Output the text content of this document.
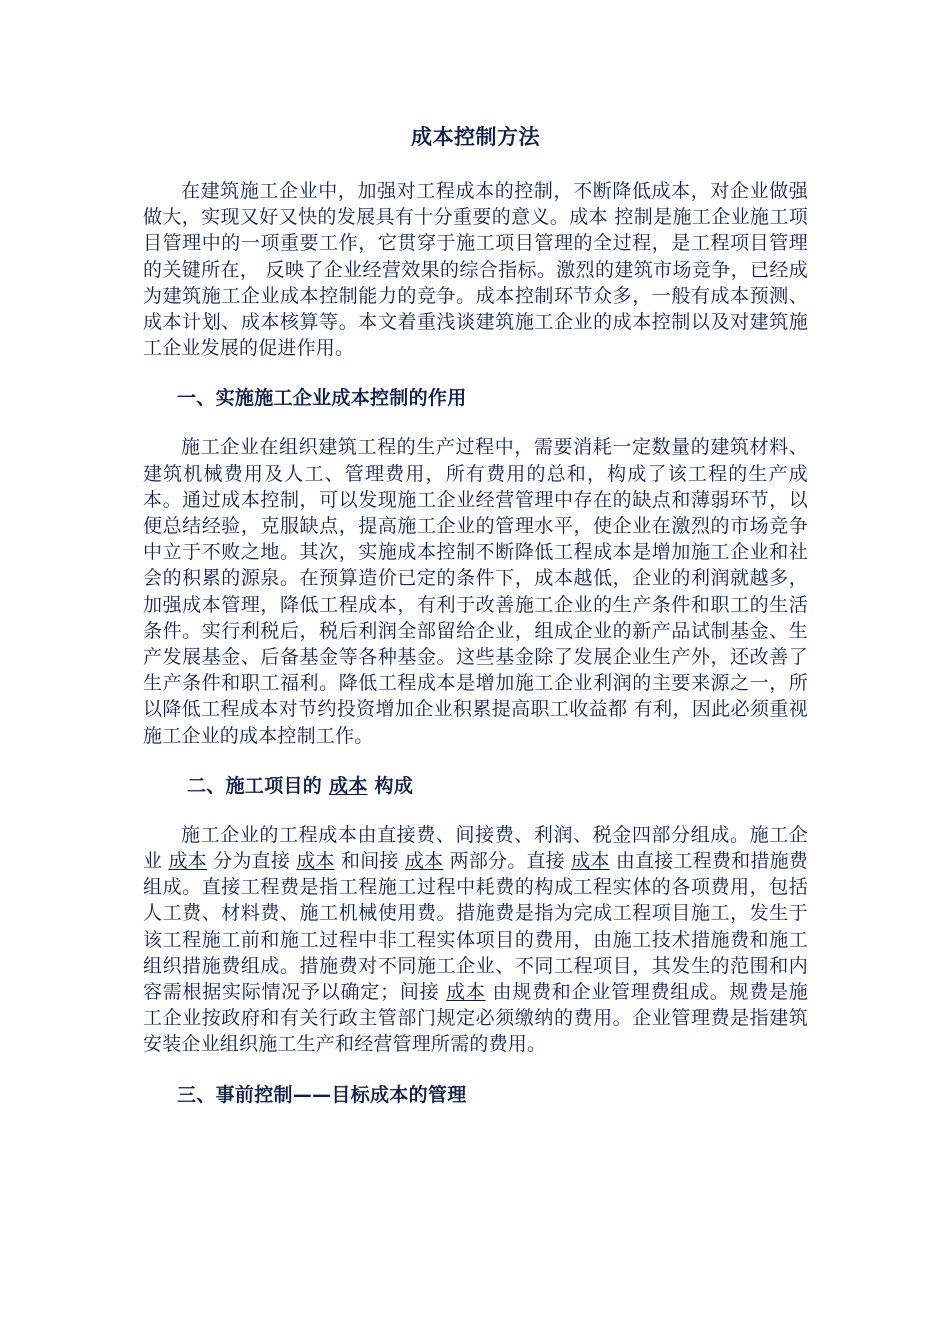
成本控制方法

在建筑施工企业中，加强对工程成本的控制，不断降低成本，对企业做强做大，实现又好又快的发展具有十分重要的意义。成本 控制是施工企业施工项目管理中的一项重要工作，它贯穿于施工项目管理的全过程，是工程项目管理的关键所在， 反映了企业经营效果的综合指标。激烈的建筑市场竞争，已经成为建筑施工企业成本控制能力的竞争。成本控制环节众多，一般有成本预测、成本计划、成本核算等。本文着重浅谈建筑施工企业的成本控制以及对建筑施工企业发展的促进作用。

一、实施施工企业成本控制的作用

施工企业在组织建筑工程的生产过程中，需要消耗一定数量的建筑材料、建筑机械费用及人工、管理费用，所有费用的总和，构成了该工程的生产成本。通过成本控制，可以发现施工企业经营管理中存在的缺点和薄弱环节，以便总结经验，克服缺点，提高施工企业的管理水平，使企业在激烈的市场竞争中立于不败之地。其次，实施成本控制不断降低工程成本是增加施工企业和社会的积累的源泉。在预算造价已定的条件下，成本越低，企业的利润就越多，加强成本管理，降低工程成本，有利于改善施工企业的生产条件和职工的生活条件。实行利税后，税后利润全部留给企业，组成企业的新产品试制基金、生产发展基金、后备基金等各种基金。这些基金除了发展企业生产外，还改善了生产条件和职工福利。降低工程成本是增加施工企业利润的主要来源之一，所以降低工程成本对节约投资增加企业积累提高职工收益都 有利，因此必须重视施工企业的成本控制工作。

二、施工项目的 成本 构成

施工企业的工程成本由直接费、间接费、利润、税金四部分组成。施工企业 成本 分为直接 成本 和间接 成本 两部分。直接 成本 由直接工程费和措施费组成。直接工程费是指工程施工过程中耗费的构成工程实体的各项费用，包括人工费、材料费、施工机械使用费。措施费是指为完成工程项目施工，发生于该工程施工前和施工过程中非工程实体项目的费用，由施工技术措施费和施工组织措施费组成。措施费对不同施工企业、不同工程项目，其发生的范围和内容需根据实际情况予以确定；间接 成本 由规费和企业管理费组成。规费是施工企业按政府和有关行政主管部门规定必须缴纳的费用。企业管理费是指建筑安装企业组织施工生产和经营管理所需的费用。

三、事前控制——目标成本的管理
